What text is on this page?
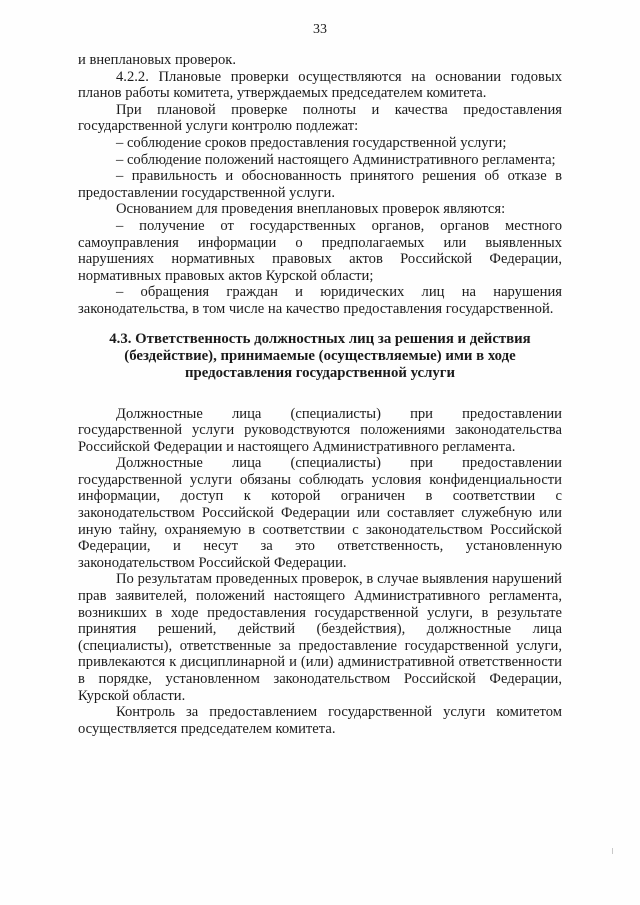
33

и внеплановых проверок.

4.2.2. Плановые проверки осуществляются на основании годовых планов работы комитета, утверждаемых председателем комитета.

При плановой проверке полноты и качества предоставления государственной услуги контролю подлежат:

– соблюдение сроков предоставления государственной услуги;

– соблюдение положений настоящего Административного регламента;

– правильность и обоснованность принятого решения об отказе в предоставлении государственной услуги.

Основанием для проведения внеплановых проверок являются:

– получение от государственных органов, органов местного самоуправления информации о предполагаемых или выявленных нарушениях нормативных правовых актов Российской Федерации, нормативных правовых актов Курской области;

– обращения граждан и юридических лиц на нарушения законодательства, в том числе на качество предоставления государственной.

4.3. Ответственность должностных лиц за решения и действия
(бездействие), принимаемые (осуществляемые) ими в ходе
предоставления государственной услуги

Должностные лица (специалисты) при предоставлении государственной услуги руководствуются положениями законодательства Российской Федерации и настоящего Административного регламента.

Должностные лица (специалисты) при предоставлении государственной услуги обязаны соблюдать условия конфиденциальности информации, доступ к которой ограничен в соответствии с законодательством Российской Федерации или составляет служебную или иную тайну, охраняемую в соответствии с законодательством Российской Федерации, и несут за это ответственность, установленную законодательством Российской Федерации.

По результатам проведенных проверок, в случае выявления нарушений прав заявителей, положений настоящего Административного регламента, возникших в ходе предоставления государственной услуги, в результате принятия решений, действий (бездействия), должностные лица (специалисты), ответственные за предоставление государственной услуги, привлекаются к дисциплинарной и (или) административной ответственности в порядке, установленном законодательством Российской Федерации, Курской области.

Контроль за предоставлением государственной услуги комитетом осуществляется председателем комитета.
